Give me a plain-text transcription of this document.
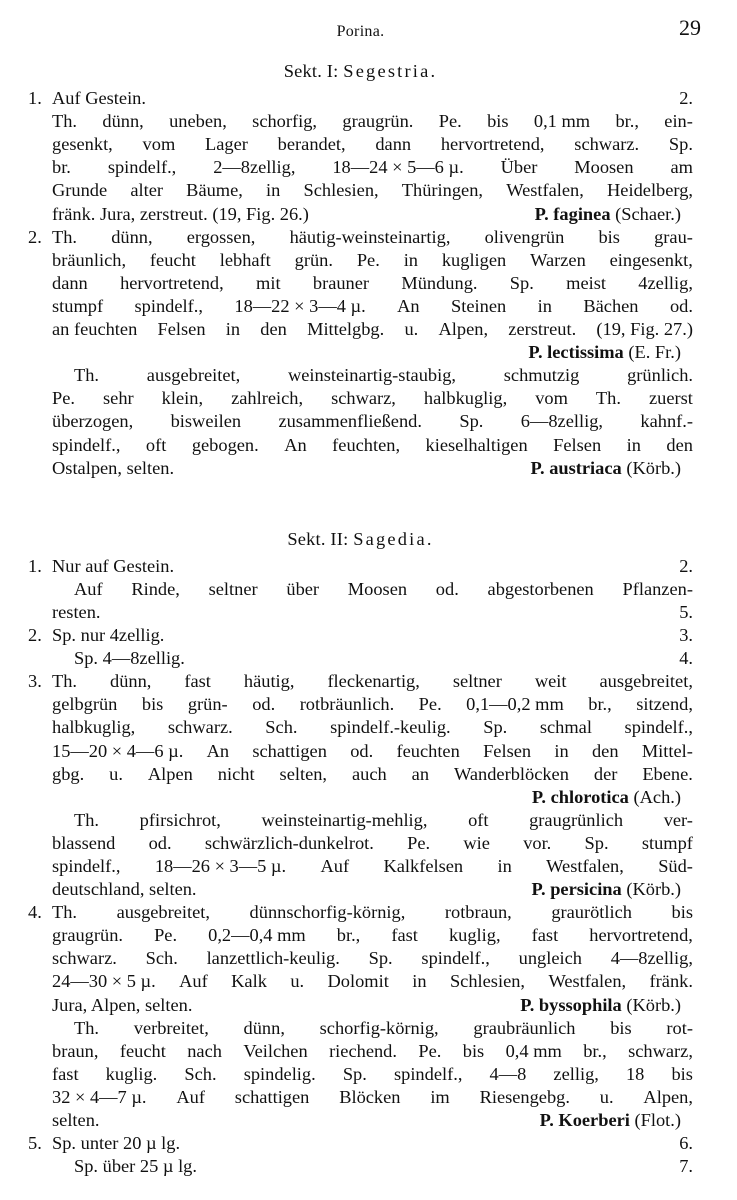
Porina.	29
Sekt. I: Segestria.
1. Auf Gestein.	2.
Th. dünn, uneben, schorfig, graugrün. Pe. bis 0,1 mm br., ein-
gesenkt, vom Lager berandet, dann hervortretend, schwarz. Sp.
br. spindelf., 2—8zellig, 18—24 × 5—6 µ. Über Moosen am
Grunde alter Bäume, in Schlesien, Thüringen, Westfalen, Heidelberg,
fränk. Jura, zerstreut. (19, Fig. 26.)	P. faginea (Schaer.)
2. Th. dünn, ergossen, häutig-weinsteinartig, olivengrün bis grau-
bräunlich, feucht lebhaft grün. Pe. in kugligen Warzen eingesenkt,
dann hervortretend, mit brauner Mündung. Sp. meist 4zellig,
stumpf spindelf., 18—22 × 3—4 µ. An Steinen in Bächen od.
an feuchten Felsen in den Mittelgbg. u. Alpen, zerstreut. (19, Fig. 27.)
P. lectissima (E. Fr.)
Th.	ausgebreitet,	weinsteinartig-staubig,	schmutzig	grünlich.
Pe. sehr klein, zahlreich, schwarz, halbkuglig, vom Th. zuerst
überzogen, bisweilen zusammenfließend. Sp. 6—8zellig, kahnf.-
spindelf., oft gebogen. An feuchten, kieselhaltigen Felsen in den
Ostalpen, selten.	P. austriaca (Körb.)
Sekt. II: Sagedia.
1. Nur auf Gestein.	2.
Auf Rinde, seltner über Moosen od. abgestorbenen Pflanzen-
resten.	5.
2. Sp. nur 4zellig.	3.
Sp. 4—8zellig.	4.
3. Th. dünn, fast häutig, fleckenartig, seltner weit ausgebreitet,
gelbgrün bis grün- od. rotbräunlich. Pe. 0,1—0,2 mm br., sitzend,
halbkuglig, schwarz. Sch. spindelf.-keulig. Sp. schmal spindelf.,
15—20 × 4—6 µ. An schattigen od. feuchten Felsen in den Mittel-
gbg. u. Alpen nicht selten, auch an Wanderblöcken der Ebene.
P. chlorotica (Ach.)
Th. pfirsichrot, weinsteinartig-mehlig, oft graugrünlich ver-
blassend od. schwärzlich-dunkelrot. Pe. wie vor. Sp. stumpf
spindelf., 18—26 × 3—5 µ. Auf Kalkfelsen in Westfalen, Süd-
deutschland, selten.	P. persicina (Körb.)
4. Th. ausgebreitet, dünnschorfig-körnig, rotbraun, graurötlich bis
graugrün. Pe. 0,2—0,4 mm br., fast kuglig, fast hervortretend,
schwarz. Sch. lanzettlich-keulig. Sp. spindelf., ungleich 4—8zellig,
24—30 × 5 µ. Auf Kalk u. Dolomit in Schlesien, Westfalen, fränk.
Jura, Alpen, selten.	P. byssophila (Körb.)
Th. verbreitet, dünn, schorfig-körnig, graubräunlich bis rot-
braun, feucht nach Veilchen riechend. Pe. bis 0,4 mm br., schwarz,
fast kuglig. Sch. spindelig. Sp. spindelf., 4—8 zellig, 18 bis
32 × 4—7 µ. Auf schattigen Blöcken im Riesengebg. u. Alpen,
selten.	P. Koerberi (Flot.)
5. Sp. unter 20 µ lg.	6.
Sp. über 25 µ lg.	7.
